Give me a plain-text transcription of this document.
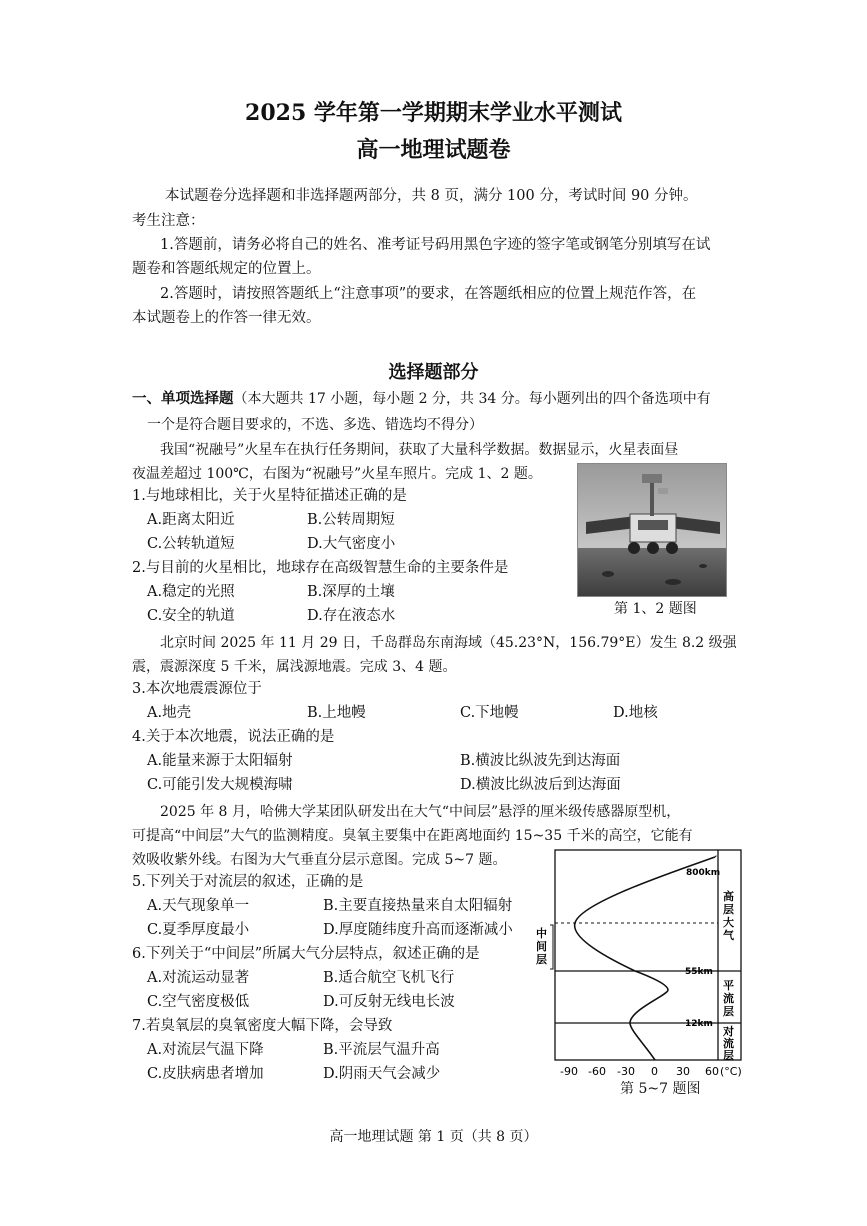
2025 学年第一学期期末学业水平测试
高一地理试题卷
本试题卷分选择题和非选择题两部分，共 8 页，满分 100 分，考试时间 90 分钟。
考生注意：
1.答题前，请务必将自己的姓名、准考证号码用黑色字迹的签字笔或钢笔分别填写在试
题卷和答题纸规定的位置上。
2.答题时，请按照答题纸上“注意事项”的要求，在答题纸相应的位置上规范作答，在
本试题卷上的作答一律无效。
选择题部分
一、单项选择题（本大题共 17 小题，每小题 2 分，共 34 分。每小题列出的四个备选项中有
一个是符合题目要求的，不选、多选、错选均不得分）
我国“祝融号”火星车在执行任务期间，获取了大量科学数据。数据显示，火星表面昼
夜温差超过 100℃，右图为“祝融号”火星车照片。完成 1、2 题。
1.与地球相比，关于火星特征描述正确的是
A.距离太阳近	B.公转周期短
C.公转轨道短	D.大气密度小
2.与目前的火星相比，地球存在高级智慧生命的主要条件是
A.稳定的光照	B.深厚的土壤
C.安全的轨道	D.存在液态水	第 1、2 题图
北京时间 2025 年 11 月 29 日，千岛群岛东南海域（45.23°N，156.79°E）发生 8.2 级强
震，震源深度 5 千米，属浅源地震。完成 3、4 题。
3.本次地震震源位于
A.地壳	B.上地幔	C.下地幔	D.地核
4.关于本次地震，说法正确的是
A.能量来源于太阳辐射	B.横波比纵波先到达海面
C.可能引发大规模海啸	D.横波比纵波后到达海面
2025 年 8 月，哈佛大学某团队研发出在大气“中间层”悬浮的厘米级传感器原型机，
可提高“中间层”大气的监测精度。臭氧主要集中在距离地面约 15~35 千米的高空，它能有
效吸收紫外线。右图为大气垂直分层示意图。完成 5~7 题。
5.下列关于对流层的叙述，正确的是
A.天气现象单一	B.主要直接热量来自太阳辐射
C.夏季厚度最小	D.厚度随纬度升高而逐渐减小
6.下列关于“中间层”所属大气分层特点，叙述正确的是
A.对流运动显著	B.适合航空飞机飞行
C.空气密度极低	D.可反射无线电长波
7.若臭氧层的臭氧密度大幅下降，会导致
A.对流层气温下降	B.平流层气温升高
C.皮肤病患者增加	D.阴雨天气会减少
800km
55km
12km
高
层
大
气
平
流
层
对
流
层
中
间
层
-90 -60 -30 0 30 60 (°C)
第 5~7 题图
高一地理试题 第 1 页（共 8 页）
